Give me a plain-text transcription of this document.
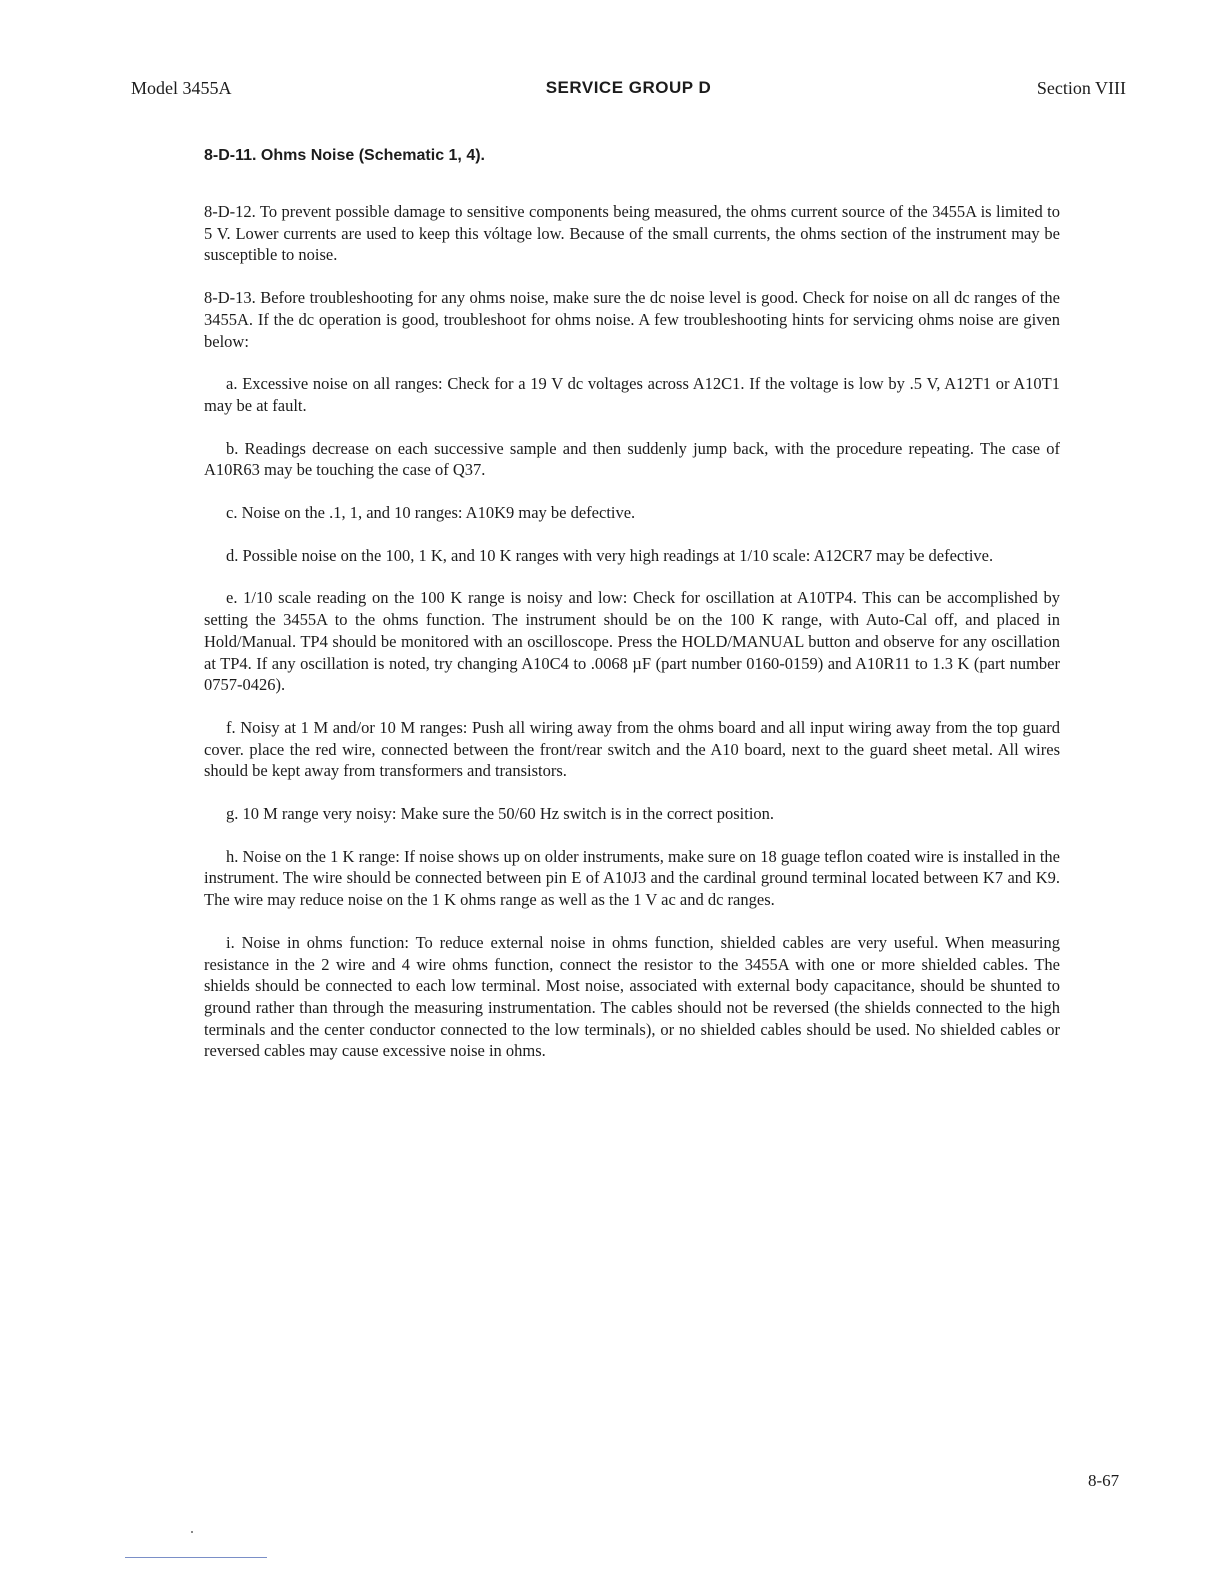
Model 3455A	SERVICE GROUP D	Section VIII
8-D-11. Ohms Noise (Schematic 1, 4).

8-D-12. To prevent possible damage to sensitive components being measured, the ohms current source of the 3455A is limited to 5 V. Lower currents are used to keep this vóltage low. Because of the small currents, the ohms section of the instrument may be susceptible to noise.

8-D-13. Before troubleshooting for any ohms noise, make sure the dc noise level is good. Check for noise on all dc ranges of the 3455A. If the dc operation is good, troubleshoot for ohms noise. A few troubleshooting hints for servicing ohms noise are given below:

a. Excessive noise on all ranges: Check for a 19 V dc voltages across A12C1. If the voltage is low by .5 V, A12T1 or A10T1 may be at fault.

b. Readings decrease on each successive sample and then suddenly jump back, with the procedure repeating. The case of A10R63 may be touching the case of Q37.

c. Noise on the .1, 1, and 10 ranges: A10K9 may be defective.

d. Possible noise on the 100, 1 K, and 10 K ranges with very high readings at 1/10 scale: A12CR7 may be defective.

e. 1/10 scale reading on the 100 K range is noisy and low: Check for oscillation at A10TP4. This can be accomplished by setting the 3455A to the ohms function. The instrument should be on the 100 K range, with Auto-Cal off, and placed in Hold/Manual. TP4 should be monitored with an oscilloscope. Press the HOLD/MANUAL button and observe for any oscillation at TP4. If any oscillation is noted, try changing A10C4 to .0068 µF (part number 0160-0159) and A10R11 to 1.3 K (part number 0757-0426).

f. Noisy at 1 M and/or 10 M ranges: Push all wiring away from the ohms board and all input wiring away from the top guard cover. place the red wire, connected between the front/rear switch and the A10 board, next to the guard sheet metal. All wires should be kept away from transformers and transistors.

g. 10 M range very noisy: Make sure the 50/60 Hz switch is in the correct position.

h. Noise on the 1 K range: If noise shows up on older instruments, make sure on 18 guage teflon coated wire is installed in the instrument. The wire should be connected between pin E of A10J3 and the cardinal ground terminal located between K7 and K9. The wire may reduce noise on the 1 K ohms range as well as the 1 V ac and dc ranges.

i. Noise in ohms function: To reduce external noise in ohms function, shielded cables are very useful. When measuring resistance in the 2 wire and 4 wire ohms function, connect the resistor to the 3455A with one or more shielded cables. The shields should be connected to each low terminal. Most noise, associated with external body capacitance, should be shunted to ground rather than through the measuring instrumentation. The cables should not be reversed (the shields connected to the high terminals and the center conductor connected to the low terminals), or no shielded cables should be used. No shielded cables or reversed cables may cause excessive noise in ohms.

8-67
